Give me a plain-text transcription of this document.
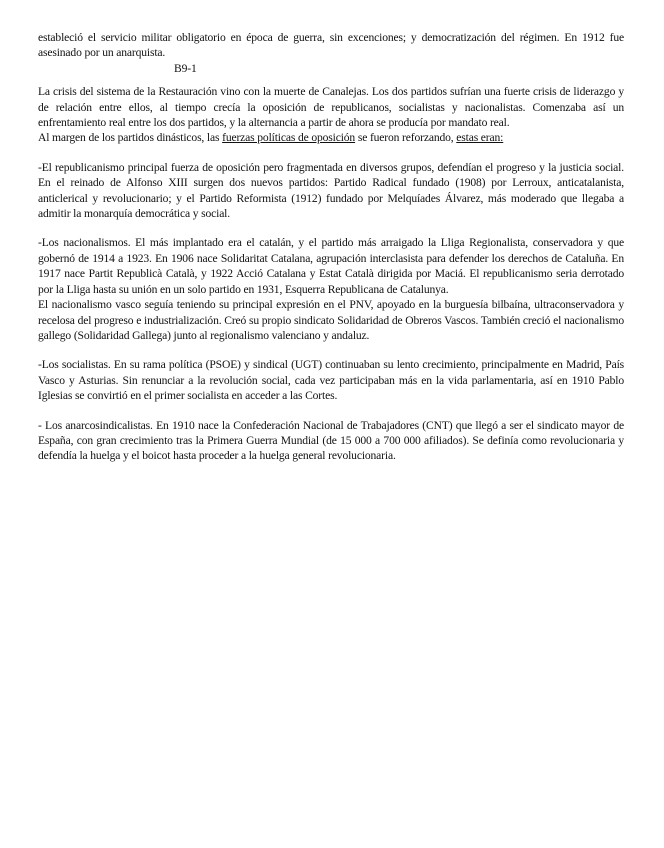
estableció el servicio militar obligatorio en época de guerra, sin excenciones; y democratización del régimen. En 1912 fue asesinado por un anarquista.

B9-1

La crisis del sistema de la Restauración vino con la muerte de Canalejas. Los dos partidos sufrían una fuerte crisis de liderazgo y de relación entre ellos, al tiempo crecía la oposición de republicanos, socialistas y nacionalistas. Comenzaba así un enfrentamiento real entre los dos partidos, y la alternancia a partir de ahora se producía por mandato real.

Al margen de los partidos dinásticos, las fuerzas políticas de oposición se fueron reforzando, estas eran:

-El republicanismo principal fuerza de oposición pero fragmentada en diversos grupos, defendían el progreso y la justicia social. En el reinado de Alfonso XIII surgen dos nuevos partidos: Partido Radical fundado (1908) por Lerroux, anticatalanista, anticlerical y revolucionario; y el Partido Reformista (1912) fundado por Melquíades Álvarez, más moderado que llegaba a admitir la monarquía democrática y social.

-Los nacionalismos. El más implantado era el catalán, y el partido más arraigado la Lliga Regionalista, conservadora y que gobernó de 1914 a 1923. En 1906 nace Solidaritat Catalana, agrupación interclasista para defender los derechos de Cataluña. En 1917 nace Partit Republicà Català, y 1922 Acció Catalana y Estat Català dirigida por Maciá. El republicanismo seria derrotado por la Lliga hasta su unión en un solo partido en 1931, Esquerra Republicana de Catalunya.

El nacionalismo vasco seguía teniendo su principal expresión en el PNV, apoyado en la burguesía bilbaína, ultraconservadora y recelosa del progreso e industrialización. Creó su propio sindicato Solidaridad de Obreros Vascos. También creció el nacionalismo gallego (Solidaridad Gallega) junto al regionalismo valenciano y andaluz.

-Los socialistas. En su rama política (PSOE) y sindical (UGT) continuaban su lento crecimiento, principalmente en Madrid, País Vasco y Asturias. Sin renunciar a la revolución social, cada vez participaban más en la vida parlamentaria, así en 1910 Pablo Iglesias se convirtió en el primer socialista en acceder a las Cortes.

- Los anarcosindicalistas. En 1910 nace la Confederación Nacional de Trabajadores (CNT) que llegó a ser el sindicato mayor de España, con gran crecimiento tras la Primera Guerra Mundial (de 15 000 a 700 000 afiliados). Se definía como revolucionaria y defendía la huelga y el boicot hasta proceder a la huelga general revolucionaria.
